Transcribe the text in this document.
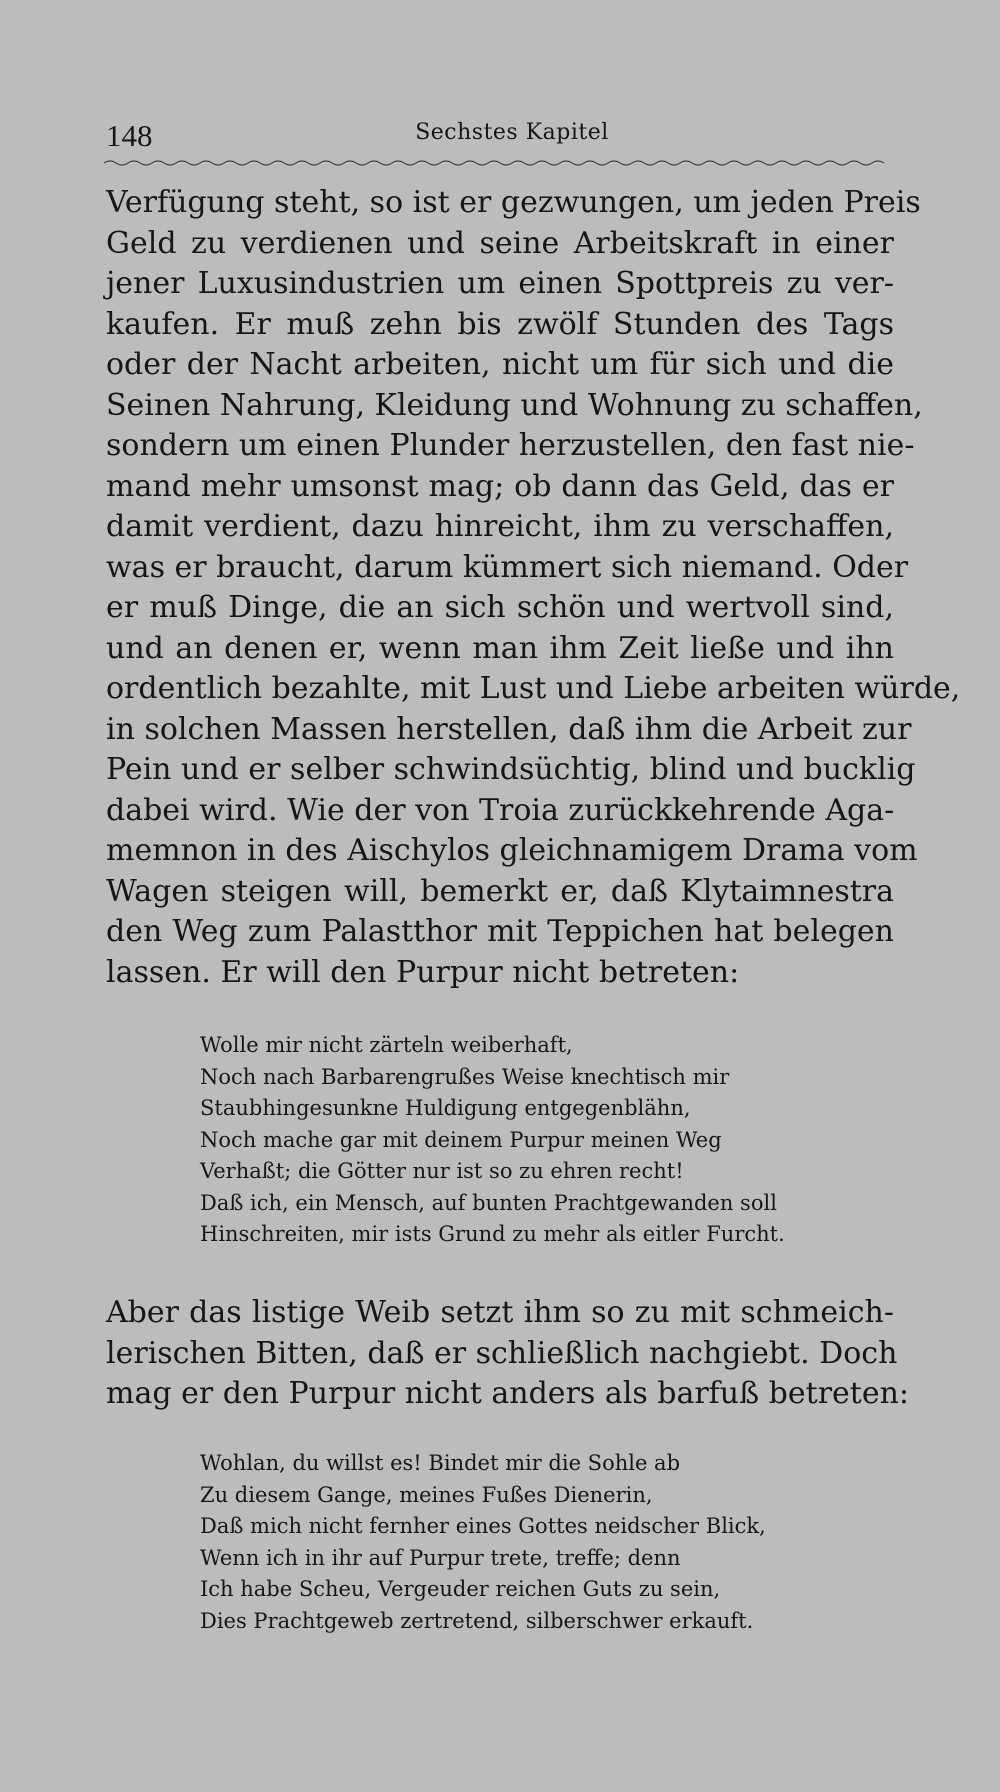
148	Sechstes Kapitel
Verfügung steht, so ist er gezwungen, um jeden Preis
Geld zu verdienen und seine Arbeitskraft in einer
jener Luxusindustrien um einen Spottpreis zu ver-
kaufen. Er muß zehn bis zwölf Stunden des Tags
oder der Nacht arbeiten, nicht um für sich und die
Seinen Nahrung, Kleidung und Wohnung zu schaffen,
sondern um einen Plunder herzustellen, den fast nie-
mand mehr umsonst mag; ob dann das Geld, das er
damit verdient, dazu hinreicht, ihm zu verschaffen,
was er braucht, darum kümmert sich niemand. Oder
er muß Dinge, die an sich schön und wertvoll sind,
und an denen er, wenn man ihm Zeit ließe und ihn
ordentlich bezahlte, mit Lust und Liebe arbeiten würde,
in solchen Massen herstellen, daß ihm die Arbeit zur
Pein und er selber schwindsüchtig, blind und bucklig
dabei wird. Wie der von Troia zurückkehrende Aga-
memnon in des Aischylos gleichnamigem Drama vom
Wagen steigen will, bemerkt er, daß Klytaimnestra
den Weg zum Palastthor mit Teppichen hat belegen
lassen. Er will den Purpur nicht betreten:
Wolle mir nicht zärteln weiberhaft,
Noch nach Barbarengrußes Weise knechtisch mir
Staubhingesunkne Huldigung entgegenblähn,
Noch mache gar mit deinem Purpur meinen Weg
Verhaßt; die Götter nur ist so zu ehren recht!
Daß ich, ein Mensch, auf bunten Prachtgewanden soll
Hinschreiten, mir ists Grund zu mehr als eitler Furcht.
Aber das listige Weib setzt ihm so zu mit schmeich-
lerischen Bitten, daß er schließlich nachgiebt. Doch
mag er den Purpur nicht anders als barfuß betreten:
Wohlan, du willst es! Bindet mir die Sohle ab
Zu diesem Gange, meines Fußes Dienerin,
Daß mich nicht fernher eines Gottes neidscher Blick,
Wenn ich in ihr auf Purpur trete, treffe; denn
Ich habe Scheu, Vergeuder reichen Guts zu sein,
Dies Prachtgeweb zertretend, silberschwer erkauft.
